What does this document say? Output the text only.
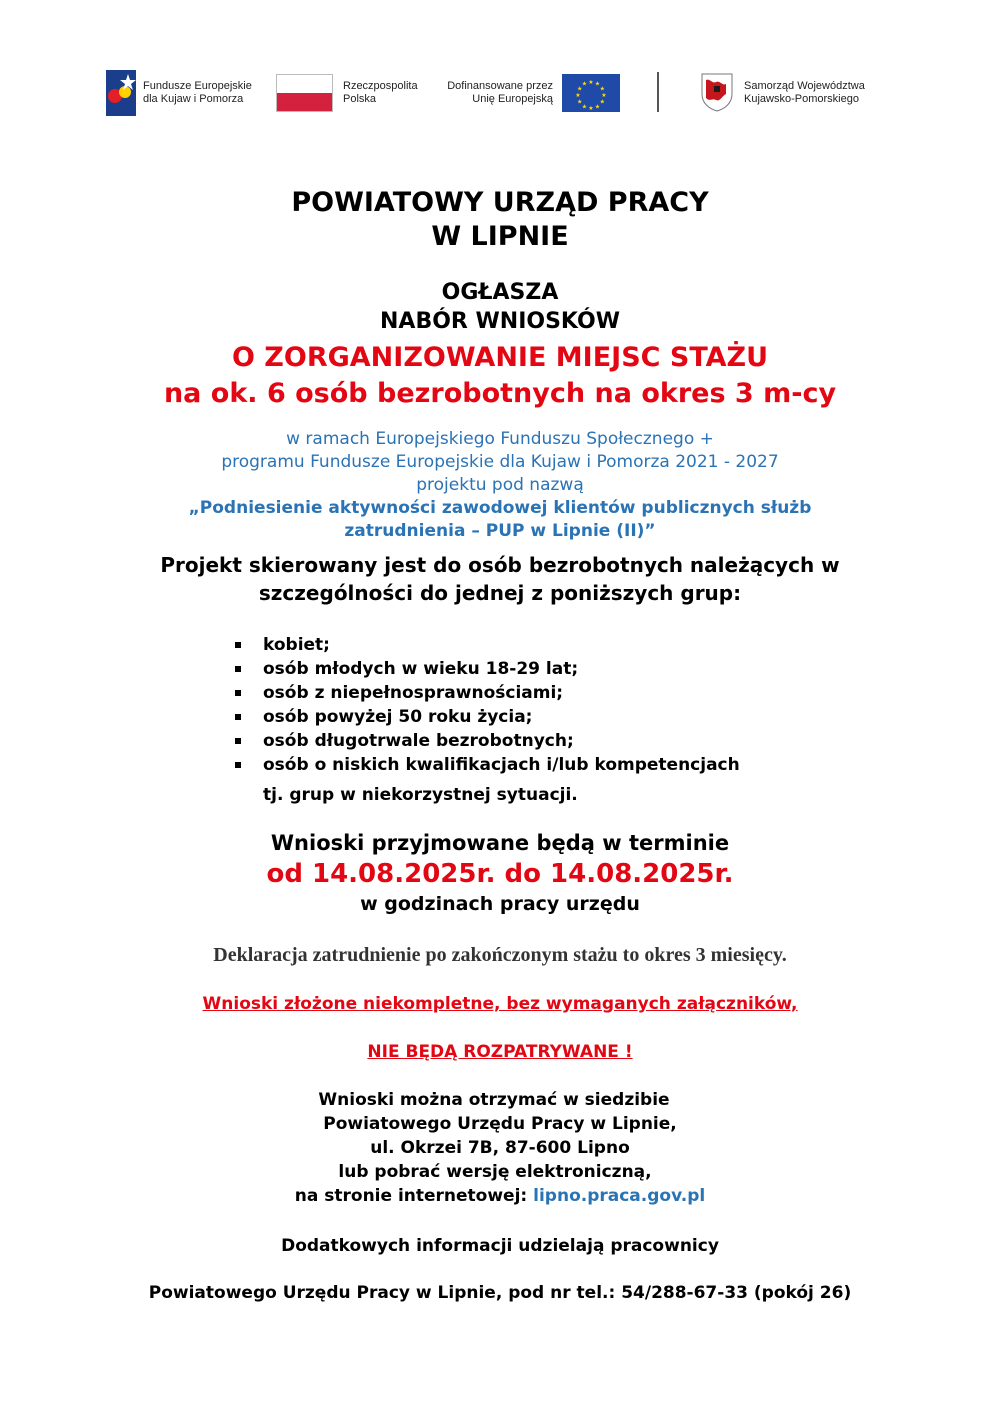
Fundusze Europejskie
dla Kujaw i Pomorza
Rzeczpospolita
Polska
Dofinansowane przez
Unię Europejską
★ ★
★
★
★
★
★
★
★
★
★
★	Samorząd Województwa
Kujawsko-Pomorskiego
POWIATOWY URZĄD PRACY
W LIPNIE
OGŁASZA
NABÓR WNIOSKÓW
O ZORGANIZOWANIE MIEJSC STAŻU
na ok. 6 osób bezrobotnych na okres 3 m-cy
w ramach Europejskiego Funduszu Społecznego +
programu Fundusze Europejskie dla Kujaw i Pomorza 2021 - 2027
projektu pod nazwą
„Podniesienie aktywności zawodowej klientów publicznych służb
zatrudnienia – PUP w Lipnie (II)”
Projekt skierowany jest do osób bezrobotnych należących w
szczególności do jednej z poniższych grup:
kobiet;
osób młodych w wieku 18-29 lat;
osób z niepełnosprawnościami;
osób powyżej 50 roku życia;
osób długotrwale bezrobotnych;
osób o niskich kwalifikacjach i/lub kompetencjach
tj. grup w niekorzystnej sytuacji.
Wnioski przyjmowane będą w terminie
od 14.08.2025r. do 14.08.2025r.
w godzinach pracy urzędu
Deklaracja zatrudnienie po zakończonym stażu to okres 3 miesięcy.
Wnioski złożone niekompletne, bez wymaganych załączników,
NIE BĘDĄ ROZPATRYWANE !
Wnioski można otrzymać w siedzibie
Powiatowego Urzędu Pracy w Lipnie,
ul. Okrzei 7B, 87-600 Lipno
lub pobrać wersję elektroniczną,
na stronie internetowej: lipno.praca.gov.pl
Dodatkowych informacji udzielają pracownicy
Powiatowego Urzędu Pracy w Lipnie, pod nr tel.: 54/288-67-33 (pokój 26)
